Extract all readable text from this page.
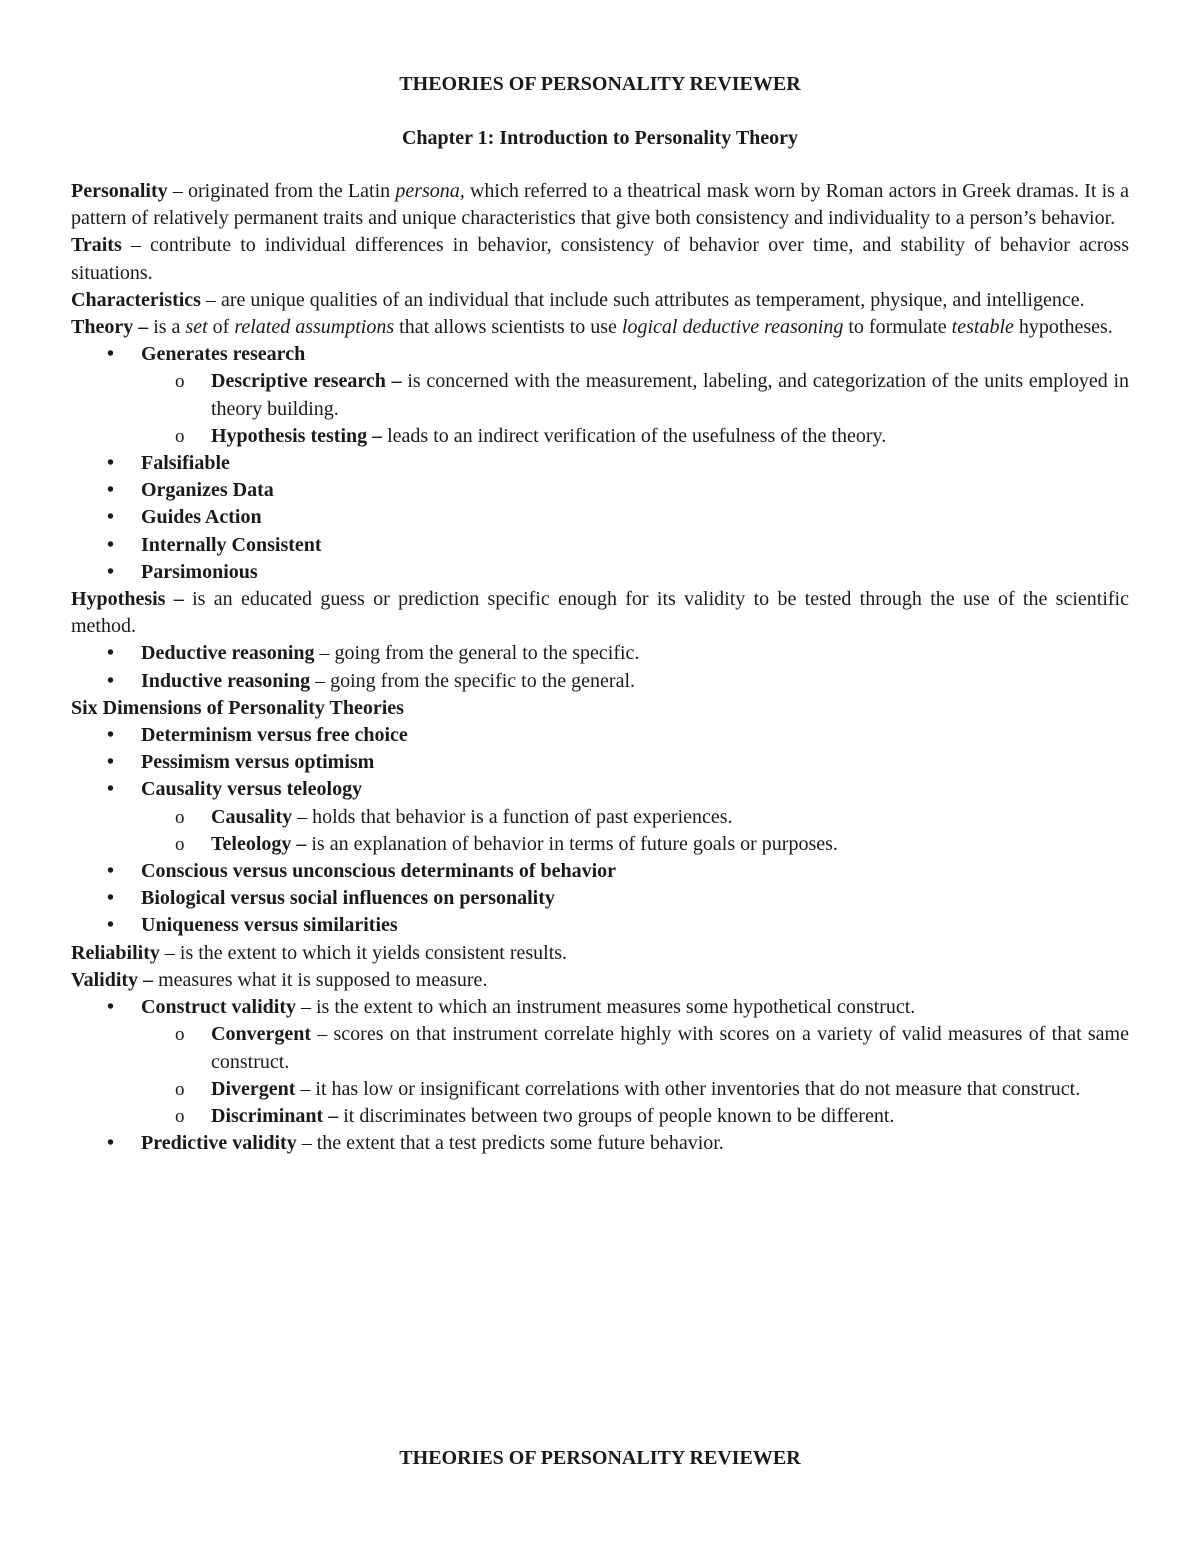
THEORIES OF PERSONALITY REVIEWER
Chapter 1: Introduction to Personality Theory

Personality – originated from the Latin persona, which referred to a theatrical mask worn by Roman actors in Greek dramas. It is a pattern of relatively permanent traits and unique characteristics that give both consistency and individuality to a person’s behavior.

Traits – contribute to individual differences in behavior, consistency of behavior over time, and stability of behavior across situations.

Characteristics – are unique qualities of an individual that include such attributes as temperament, physique, and intelligence.

Theory – is a set of related assumptions that allows scientists to use logical deductive reasoning to formulate testable hypotheses.

• Generates research
o Descriptive research – is concerned with the measurement, labeling, and categorization of the units employed in theory building.
o Hypothesis testing – leads to an indirect verification of the usefulness of the theory.
• Falsifiable
• Organizes Data
• Guides Action
• Internally Consistent
• Parsimonious

Hypothesis – is an educated guess or prediction specific enough for its validity to be tested through the use of the scientific method.

• Deductive reasoning – going from the general to the specific.
• Inductive reasoning – going from the specific to the general.

Six Dimensions of Personality Theories

• Determinism versus free choice
• Pessimism versus optimism
• Causality versus teleology
o Causality – holds that behavior is a function of past experiences.
o Teleology – is an explanation of behavior in terms of future goals or purposes.
• Conscious versus unconscious determinants of behavior
• Biological versus social influences on personality
• Uniqueness versus similarities

Reliability – is the extent to which it yields consistent results.

Validity – measures what it is supposed to measure.

• Construct validity – is the extent to which an instrument measures some hypothetical construct.
o Convergent – scores on that instrument correlate highly with scores on a variety of valid measures of that same construct.
o Divergent – it has low or insignificant correlations with other inventories that do not measure that construct.
o Discriminant – it discriminates between two groups of people known to be different.
• Predictive validity – the extent that a test predicts some future behavior.
THEORIES OF PERSONALITY REVIEWER
